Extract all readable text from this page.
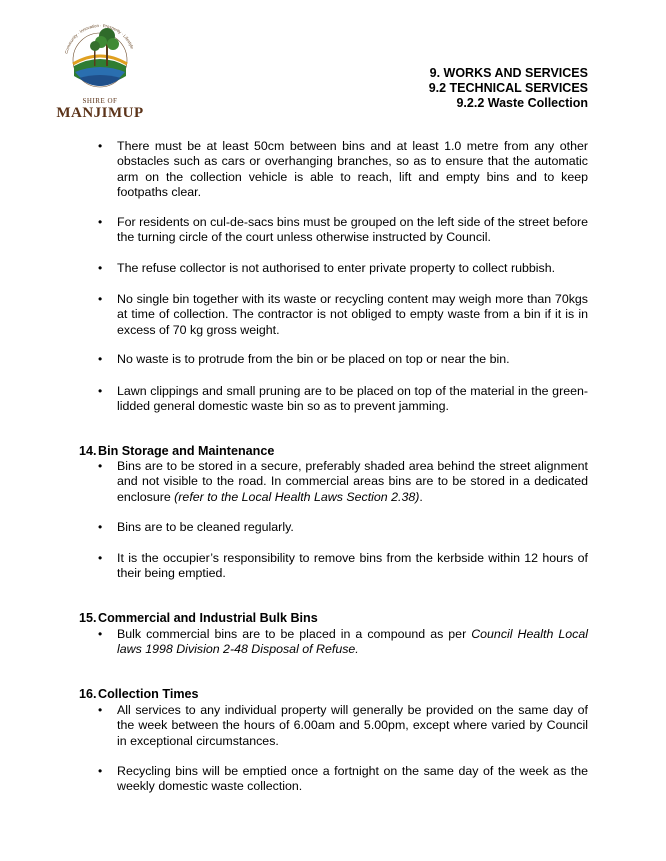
Community · Innovation · Prosperity · Lifestyle
SHIRE OF
MANJIMUP
9. WORKS AND SERVICES
9.2 TECHNICAL SERVICES
9.2.2 Waste Collection
• There must be at least 50cm between bins and at least 1.0 metre from any other obstacles such as cars or overhanging branches, so as to ensure that the automatic arm on the collection vehicle is able to reach, lift and empty bins and to keep footpaths clear.
• For residents on cul-de-sacs bins must be grouped on the left side of the street before the turning circle of the court unless otherwise instructed by Council.
• The refuse collector is not authorised to enter private property to collect rubbish.
• No single bin together with its waste or recycling content may weigh more than 70kgs at time of collection. The contractor is not obliged to empty waste from a bin if it is in excess of 70 kg gross weight.
• No waste is to protrude from the bin or be placed on top or near the bin.
• Lawn clippings and small pruning are to be placed on top of the material in the green-lidded general domestic waste bin so as to prevent jamming.
14.Bin Storage and Maintenance
• Bins are to be stored in a secure, preferably shaded area behind the street alignment and not visible to the road. In commercial areas bins are to be stored in a dedicated enclosure (refer to the Local Health Laws Section 2.38).
• Bins are to be cleaned regularly.
• It is the occupier’s responsibility to remove bins from the kerbside within 12 hours of their being emptied.
15.Commercial and Industrial Bulk Bins
• Bulk commercial bins are to be placed in a compound as per Council Health Local laws 1998 Division 2-48 Disposal of Refuse.
16.Collection Times
• All services to any individual property will generally be provided on the same day of the week between the hours of 6.00am and 5.00pm, except where varied by Council in exceptional circumstances.
• Recycling bins will be emptied once a fortnight on the same day of the week as the weekly domestic waste collection.
